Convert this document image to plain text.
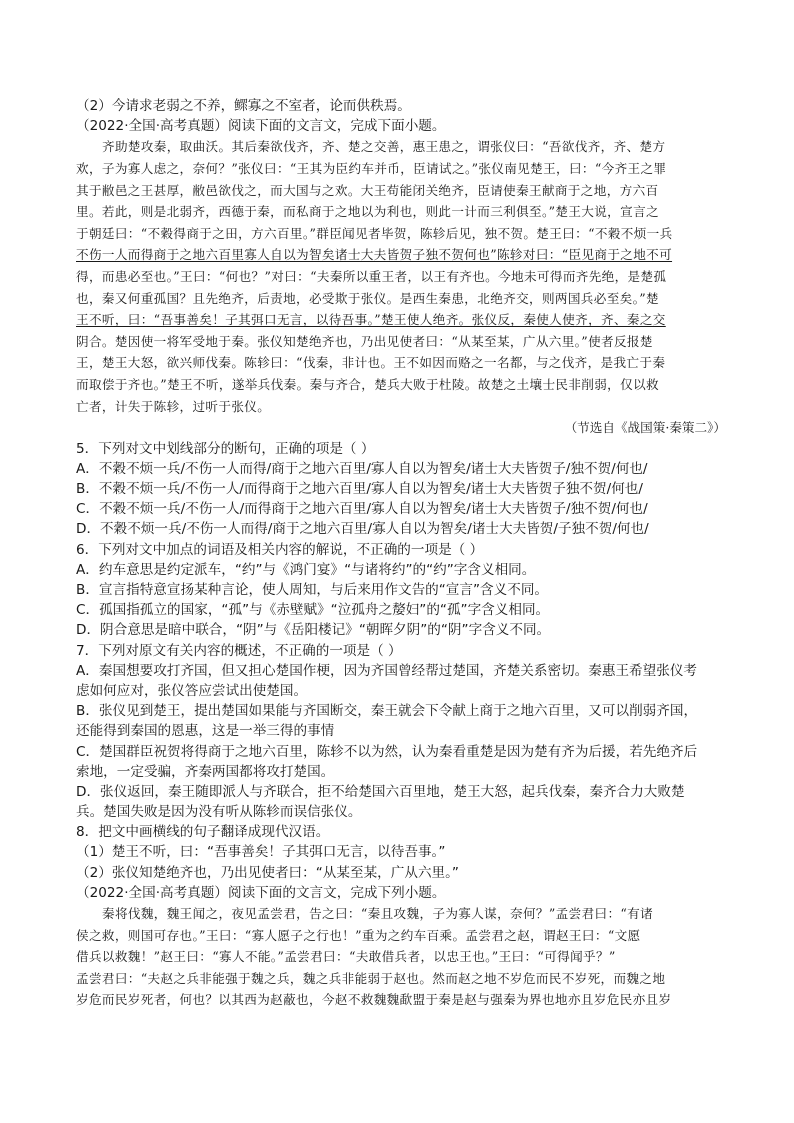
（2）今请求老弱之不养，鳏寡之不室者，论而供秩焉。
（2022·全国·高考真题）阅读下面的文言文，完成下面小题。
齐助楚攻秦，取曲沃。其后秦欲伐齐，齐、楚之交善，惠王患之，谓张仪曰：“吾欲伐齐，齐、楚方
欢，子为寡人虑之，奈何？”张仪曰：“王其为臣约车并币，臣请试之。”张仪南见楚王，曰：“今齐王之罪
其于敝邑之王甚厚，敝邑欲伐之，而大国与之欢。大王苟能闭关绝齐，臣请使秦王献商于之地，方六百
里。若此，则是北弱齐，西德于秦，而私商于之地以为利也，则此一计而三利俱至。”楚王大说，宣言之
于朝廷曰：“不穀得商于之田，方六百里。”群臣闻见者毕贺，陈轸后见，独不贺。楚王曰：“不穀不烦一兵
不伤一人而得商于之地六百里寡人自以为智矣诸士大夫皆贺子独不贺何也”陈轸对曰：“臣见商于之地不可
得，而患必至也。”王曰：“何也？”对曰：“夫秦所以重王者，以王有齐也。今地未可得而齐先绝，是楚孤
也，秦又何重孤国？且先绝齐，后责地，必受欺于张仪。是西生秦患，北绝齐交，则两国兵必至矣。”楚
王不听，曰：“吾事善矣！子其弭口无言，以待吾事。”楚王使人绝齐。张仪反，秦使人使齐，齐、秦之交
阴合。楚因使一将军受地于秦。张仪知楚绝齐也，乃出见使者曰：“从某至某，广从六里。”使者反报楚
王，楚王大怒，欲兴师伐秦。陈轸曰：“伐秦，非计也。王不如因而赂之一名都，与之伐齐，是我亡于秦
而取偿于齐也。”楚王不听，遂举兵伐秦。秦与齐合，楚兵大败于杜陵。故楚之土壤士民非削弱，仅以救
亡者，计失于陈轸，过听于张仪。
（节选自《战国策·秦策二》）
5．下列对文中划线部分的断句，正确的项是（ ）
A．不穀不烦一兵/不伤一人而得/商于之地六百里/寡人自以为智矣/诸士大夫皆贺子/独不贺/何也/
B．不穀不烦一兵/不伤一人/而得商于之地六百里/寡人自以为智矣/诸士大夫皆贺子独不贺/何也/
C．不穀不烦一兵/不伤一人/而得商于之地六百里/寡人自以为智矣/诸士大夫皆贺子/独不贺/何也/
D．不穀不烦一兵/不伤一人而得/商于之地六百里/寡人自以为智矣/诸士大夫皆贺/子独不贺/何也/
6．下列对文中加点的词语及相关内容的解说，不正确的一项是（ ）
A．约车意思是约定派车，“约”与《鸿门宴》“与诸将约”的“约”字含义相同。
B．宣言指特意宣扬某种言论，使人周知，与后来用作文告的“宣言”含义不同。
C．孤国指孤立的国家，“孤”与《赤壁赋》“泣孤舟之嫠妇”的“孤”字含义相同。
D．阴合意思是暗中联合，“阴”与《岳阳楼记》“朝晖夕阴”的“阴”字含义不同。
7．下列对原文有关内容的概述，不正确的一项是（ ）
A．秦国想要攻打齐国，但又担心楚国作梗，因为齐国曾经帮过楚国，齐楚关系密切。秦惠王希望张仪考
虑如何应对，张仪答应尝试出使楚国。
B．张仪见到楚王，提出楚国如果能与齐国断交，秦王就会下令献上商于之地六百里，又可以削弱齐国，
还能得到秦国的恩惠，这是一举三得的事情
C．楚国群臣祝贺将得商于之地六百里，陈轸不以为然，认为秦看重楚是因为楚有齐为后援，若先绝齐后
索地，一定受骗，齐秦两国都将攻打楚国。
D．张仪返回，秦王随即派人与齐联合，拒不给楚国六百里地，楚王大怒，起兵伐秦，秦齐合力大败楚
兵。楚国失败是因为没有听从陈轸而误信张仪。
8．把文中画横线的句子翻译成现代汉语。
（1）楚王不听，曰：“吾事善矣！子其弭口无言，以待吾事。”
（2）张仪知楚绝齐也，乃出见使者曰：“从某至某，广从六里。”
（2022·全国·高考真题）阅读下面的文言文，完成下列小题。
秦将伐魏，魏王闻之，夜见孟尝君，告之曰：“秦且攻魏，子为寡人谋，奈何？”孟尝君曰：“有诸
侯之救，则国可存也。”王曰：“寡人愿子之行也！”重为之约车百乘。孟尝君之赵，谓赵王曰：“文愿
借兵以救魏！”赵王曰：“寡人不能。”孟尝君曰：“夫敢借兵者，以忠王也。”王曰：“可得闻乎？”
孟尝君曰：“夫赵之兵非能强于魏之兵，魏之兵非能弱于赵也。然而赵之地不岁危而民不岁死，而魏之地
岁危而民岁死者，何也？以其西为赵蔽也，今赵不救魏魏歃盟于秦是赵与强秦为界也地亦且岁危民亦且岁
